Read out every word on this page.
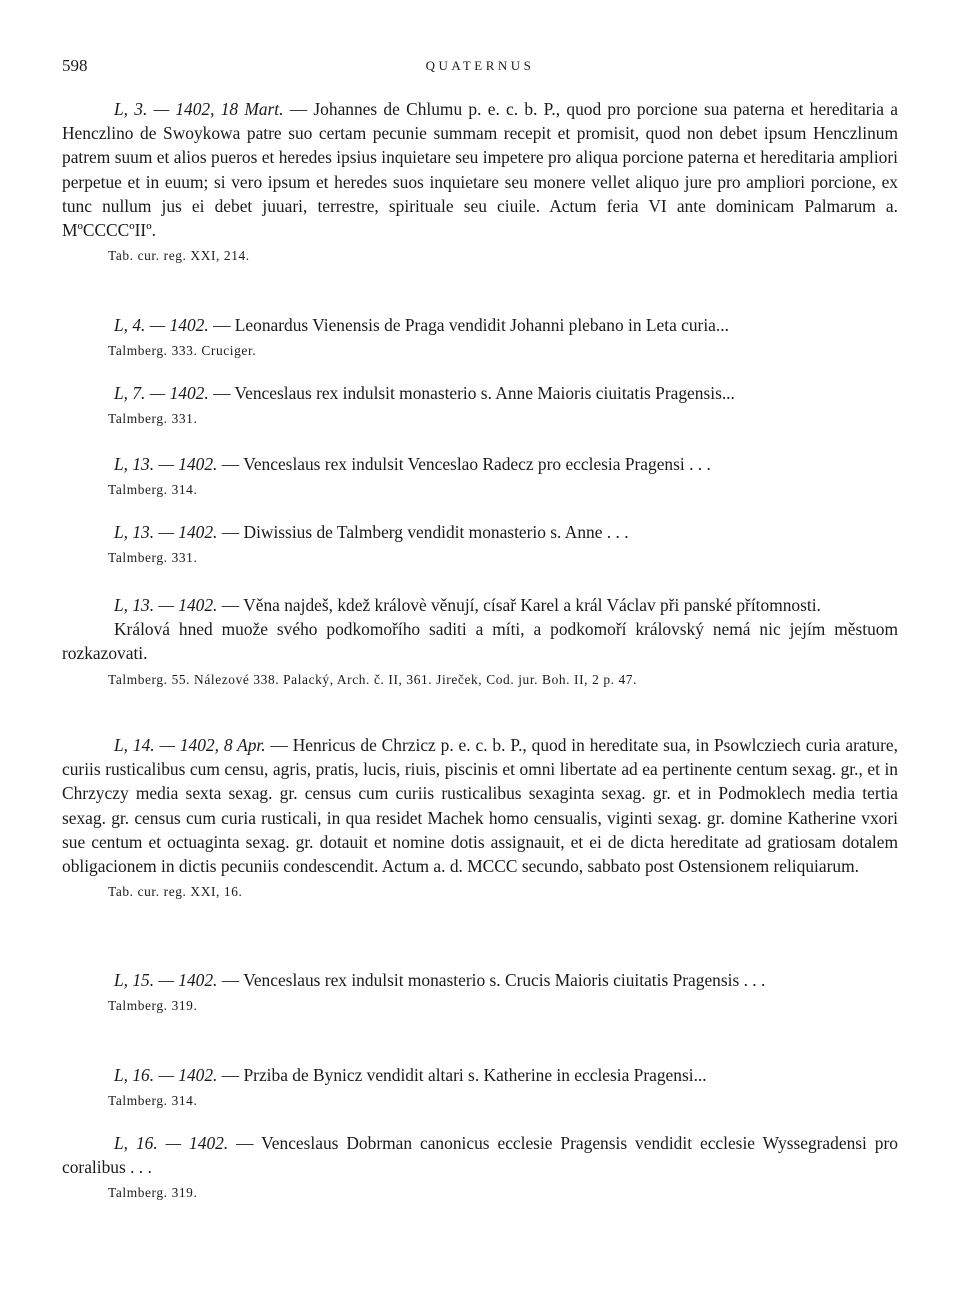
598	QUATERNUS

L, 3. — 1402, 18 Mart. — Johannes de Chlumu p. e. c. b. P., quod pro porcione sua paterna et hereditaria a Henczlino de Swoykowa patre suo certam pecunie summam recepit et promisit, quod non debet ipsum Henczlinum patrem suum et alios pueros et heredes ipsius inquietare seu impetere pro aliqua porcione paterna et hereditaria ampliori perpetue et in euum; si vero ipsum et heredes suos inquietare seu monere vellet aliquo jure pro ampliori porcione, ex tunc nullum jus ei debet juuari, terrestre, spirituale seu ciuile. Actum feria VI ante dominicam Palmarum a. MºCCCCºIIº.

Tab. cur. reg. XXI, 214.

L, 4. — 1402. — Leonardus Vienensis de Praga vendidit Johanni plebano in Leta curia...

Talmberg. 333. Cruciger.

L, 7. — 1402. — Venceslaus rex indulsit monasterio s. Anne Maioris ciuitatis Pragensis...

Talmberg. 331.

L, 13. — 1402. — Venceslaus rex indulsit Venceslao Radecz pro ecclesia Pragensi . . .

Talmberg. 314.

L, 13. — 1402. — Diwissius de Talmberg vendidit monasterio s. Anne . . .

Talmberg. 331.

L, 13. — 1402. — Věna najdeš, kdež královè věnují, císař Karel a král Václav při panské přítomnosti.

Králová hned muože svého podkomořího saditi a míti, a podkomoří královský nemá nic jejím městuom rozkazovati.

Talmberg. 55. Nálezové 338. Palacký, Arch. č. II, 361. Jireček, Cod. jur. Boh. II, 2 p. 47.

L, 14. — 1402, 8 Apr. — Henricus de Chrzicz p. e. c. b. P., quod in hereditate sua, in Psowlcziech curia arature, curiis rusticalibus cum censu, agris, pratis, lucis, riuis, piscinis et omni libertate ad ea pertinente centum sexag. gr., et in Chrzyczy media sexta sexag. gr. census cum curiis rusticalibus sexaginta sexag. gr. et in Podmoklech media tertia sexag. gr. census cum curia rusticali, in qua residet Machek homo censualis, viginti sexag. gr. domine Katherine vxori sue centum et octuaginta sexag. gr. dotauit et nomine dotis assignauit, et ei de dicta hereditate ad gratiosam dotalem obligacionem in dictis pecuniis condescendit. Actum a. d. MCCC secundo, sabbato post Ostensionem reliquiarum.

Tab. cur. reg. XXI, 16.

L, 15. — 1402. — Venceslaus rex indulsit monasterio s. Crucis Maioris ciuitatis Pragensis . . .

Talmberg. 319.

L, 16. — 1402. — Prziba de Bynicz vendidit altari s. Katherine in ecclesia Pragensi...

Talmberg. 314.

L, 16. — 1402. — Venceslaus Dobrman canonicus ecclesie Pragensis vendidit ecclesie Wyssegradensi pro coralibus . . .

Talmberg. 319.
